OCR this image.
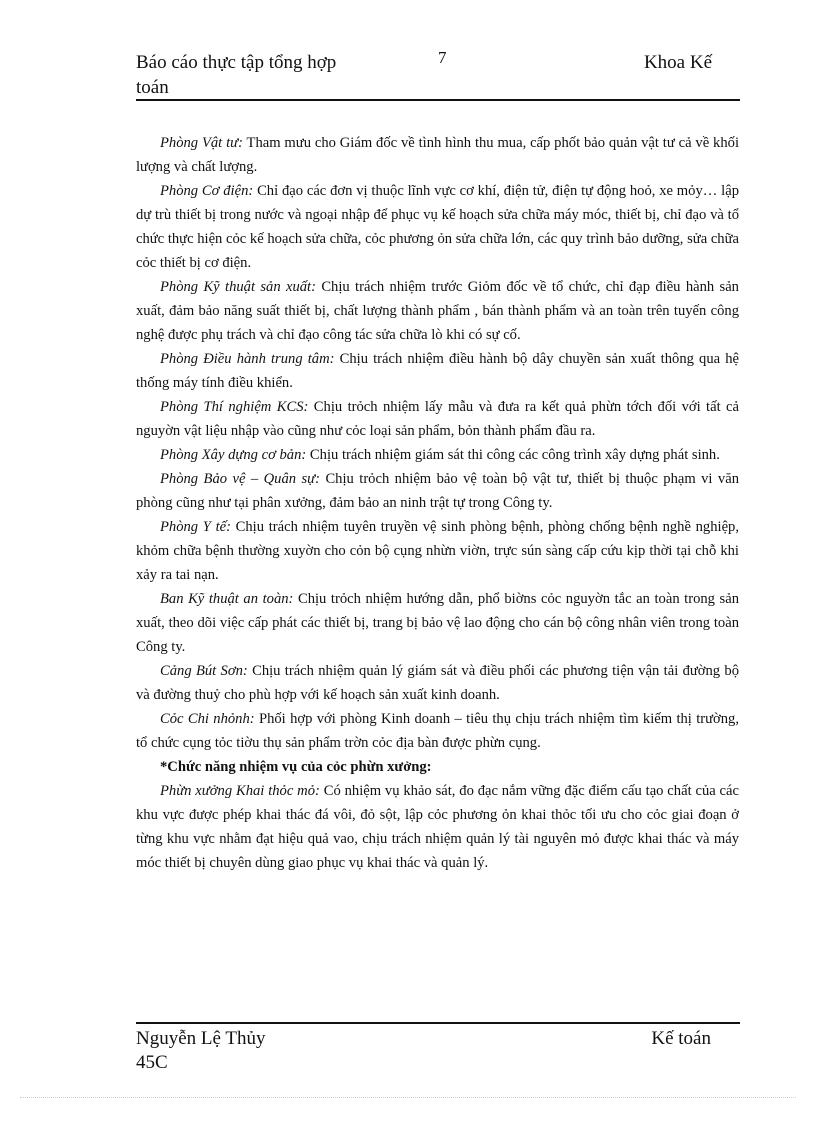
Báo cáo thực tập tổng hợp
toán
7	Khoa Kế

Phòng Vật tư: Tham mưu cho Giám đốc về tình hình thu mua, cấp phốt bảo quản vật tư cả về khối lượng và chất lượng.

Phòng Cơ điện: Chỉ đạo các đơn vị thuộc lĩnh vực cơ khí, điện tử, điện tự động hoỏ, xe mỏy… lập dự trù thiết bị trong nước và ngoại nhập để phục vụ kế hoạch sửa chữa máy móc, thiết bị, chỉ đạo và tổ chức thực hiện cỏc kế hoạch sửa chữa, cỏc phương ỏn sửa chữa lớn, các quy trình bảo dưỡng, sửa chữa cỏc thiết bị cơ điện.

Phòng Kỹ thuật sản xuất: Chịu trách nhiệm trước Giỏm đốc về tổ chức, chỉ đạp điều hành sản xuất, đảm bảo năng suất thiết bị, chất lượng thành phẩm , bán thành phẩm và an toàn trên tuyến công nghệ được phụ trách và chỉ đạo công tác sửa chữa lò khi có sự cố.

Phòng Điều hành trung tâm: Chịu trách nhiệm điều hành bộ dây chuyền sản xuất thông qua hệ thống máy tính điều khiển.

Phòng Thí nghiệm KCS: Chịu trỏch nhiệm lấy mẫu và đưa ra kết quả phừn tớch đối với tất cả nguyờn vật liệu nhập vào cũng như cỏc loại sản phẩm, bỏn thành phẩm đầu ra.

Phòng Xây dựng cơ bản: Chịu trách nhiệm giám sát thi công các công trình xây dựng phát sinh.

Phòng Bảo vệ – Quân sự: Chịu trỏch nhiệm bảo vệ toàn bộ vật tư, thiết bị thuộc phạm vi văn phòng cũng như tại phân xưởng, đảm bảo an ninh trật tự trong Công ty.

Phòng Y tế: Chịu trách nhiệm tuyên truyền vệ sinh phòng bệnh, phòng chống bệnh nghề nghiệp, khỏm chữa bệnh thường xuyờn cho cỏn bộ cụng nhừn viờn, trực sún sàng cấp cứu kịp thời tại chỗ khi xảy ra tai nạn.

Ban Kỹ thuật an toàn: Chịu trỏch nhiệm hướng dẫn, phổ biờns cỏc nguyờn tắc an toàn trong sản xuất, theo dõi việc cấp phát các thiết bị, trang bị bảo vệ lao động cho cán bộ công nhân viên trong toàn Công ty.

Cảng Bút Sơn: Chịu trách nhiệm quản lý giám sát và điều phối các phương tiện vận tải đường bộ và đường thuỷ cho phù hợp với kế hoạch sản xuất kinh doanh.

Cỏc Chi nhỏnh: Phối hợp với phòng Kinh doanh – tiêu thụ chịu trách nhiệm tìm kiếm thị trường, tổ chức cụng tỏc tiờu thụ sản phẩm trờn cỏc địa bàn được phừn cụng.

*Chức năng nhiệm vụ của cỏc phừn xưởng:

Phừn xưởng Khai thỏc mỏ: Có nhiệm vụ khảo sát, đo đạc nắm vững đặc điểm cấu tạo chất của các khu vực được phép khai thác đá vôi, đỏ sột, lập cỏc phương ỏn khai thỏc tối ưu cho cỏc giai đoạn ở từng khu vực nhằm đạt hiệu quả vao, chịu trách nhiệm quản lý tài nguyên mỏ được khai thác và máy móc thiết bị chuyên dùng giao phục vụ khai thác và quản lý.

Nguyễn Lệ Thủy
45C
Kế toán
